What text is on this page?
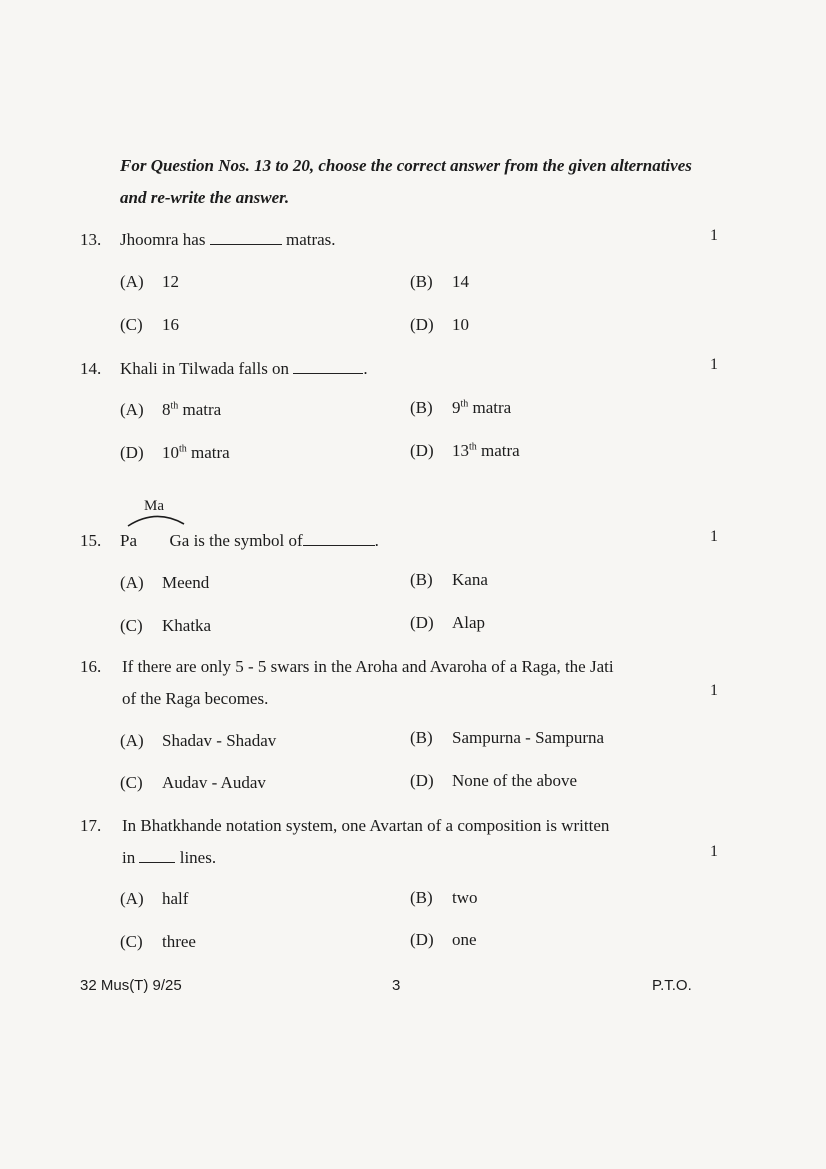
For Question Nos. 13 to 20, choose the correct answer from the given alternatives and re-write the answer.
13. Jhoomra has	matras.	1
(A) 12	(B) 14
(C) 16	(D) 10
14. Khali in Tilwada falls on	.	1
(A) 8th matra	(B) 9th matra
(D) 10th matra	(D) 13th matra
Ma
15. Pa Ga is the symbol of	.	1
(A) Meend	(B) Kana
(C) Khatka	(D) Alap
16. If there are only 5 - 5 swars in the Aroha and Avaroha of a Raga, the Jati
of the Raga becomes.	1
(A) Shadav - Shadav	(B) Sampurna - Sampurna
(C) Audav - Audav	(D) None of the above
17. In Bhatkhande notation system, one Avartan of a composition is written
in	lines.	1
(A) half	(B) two
(C) three	(D) one
32 Mus(T) 9/25	3	P.T.O.
